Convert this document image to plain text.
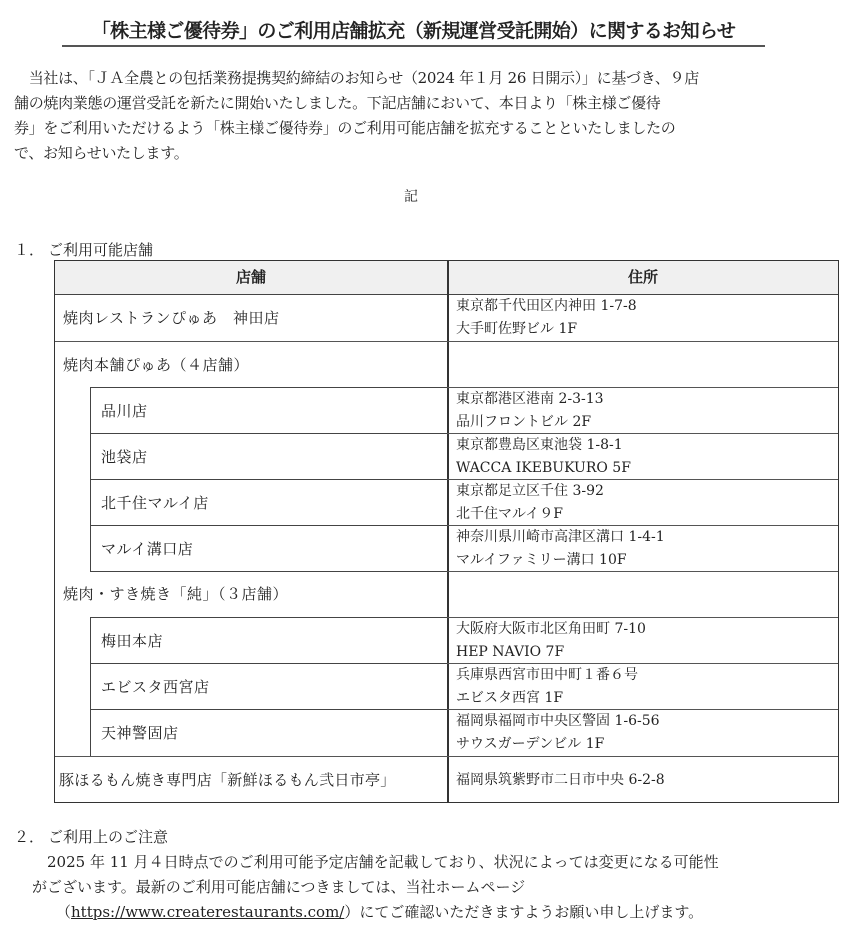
「株主様ご優待券」のご利用店舗拡充（新規運営受託開始）に関するお知らせ

　当社は、「ＪＡ全農との包括業務提携契約締結のお知らせ（2024 年１月 26 日開示）」に基づき、９店

舗の焼肉業態の運営受託を新たに開始いたしました。下記店舗において、本日より「株主様ご優待

券」をご利用いただけるよう「株主様ご優待券」のご利用可能店舗を拡充することといたしましたの

で、お知らせいたします。

記
１． ご利用可能店舗
店舗	住所
焼肉レストランぴゅあ　神田店
東京都千代田区内神田 1-7-8
大手町佐野ビル 1F
焼肉本舗ぴゅあ（４店舗）
品川店
東京都港区港南 2-3-13
品川フロントビル 2F
池袋店
東京都豊島区東池袋 1-8-1
WACCA IKEBUKURO 5F
北千住マルイ店
東京都足立区千住 3-92
北千住マルイ９F
マルイ溝口店
神奈川県川崎市高津区溝口 1-4-1
マルイファミリー溝口 10F
焼肉・すき焼き「純」（３店舗）
梅田本店
大阪府大阪市北区角田町 7-10
HEP NAVIO 7F
エビスタ西宮店
兵庫県西宮市田中町１番６号
エビスタ西宮 1F
天神警固店
福岡県福岡市中央区警固 1-6-56
サウスガーデンビル 1F
豚ほるもん焼き専門店「新鮮ほるもん弐日市亭」	福岡県筑紫野市二日市中央 6-2-8

２． ご利用上のご注意

2025 年 11 月４日時点でのご利用可能予定店舗を記載しており、状況によっては変更になる可能性

がございます。最新のご利用可能店舗につきましては、当社ホームページ

（https://www.createrestaurants.com/）にてご確認いただきますようお願い申し上げます。
